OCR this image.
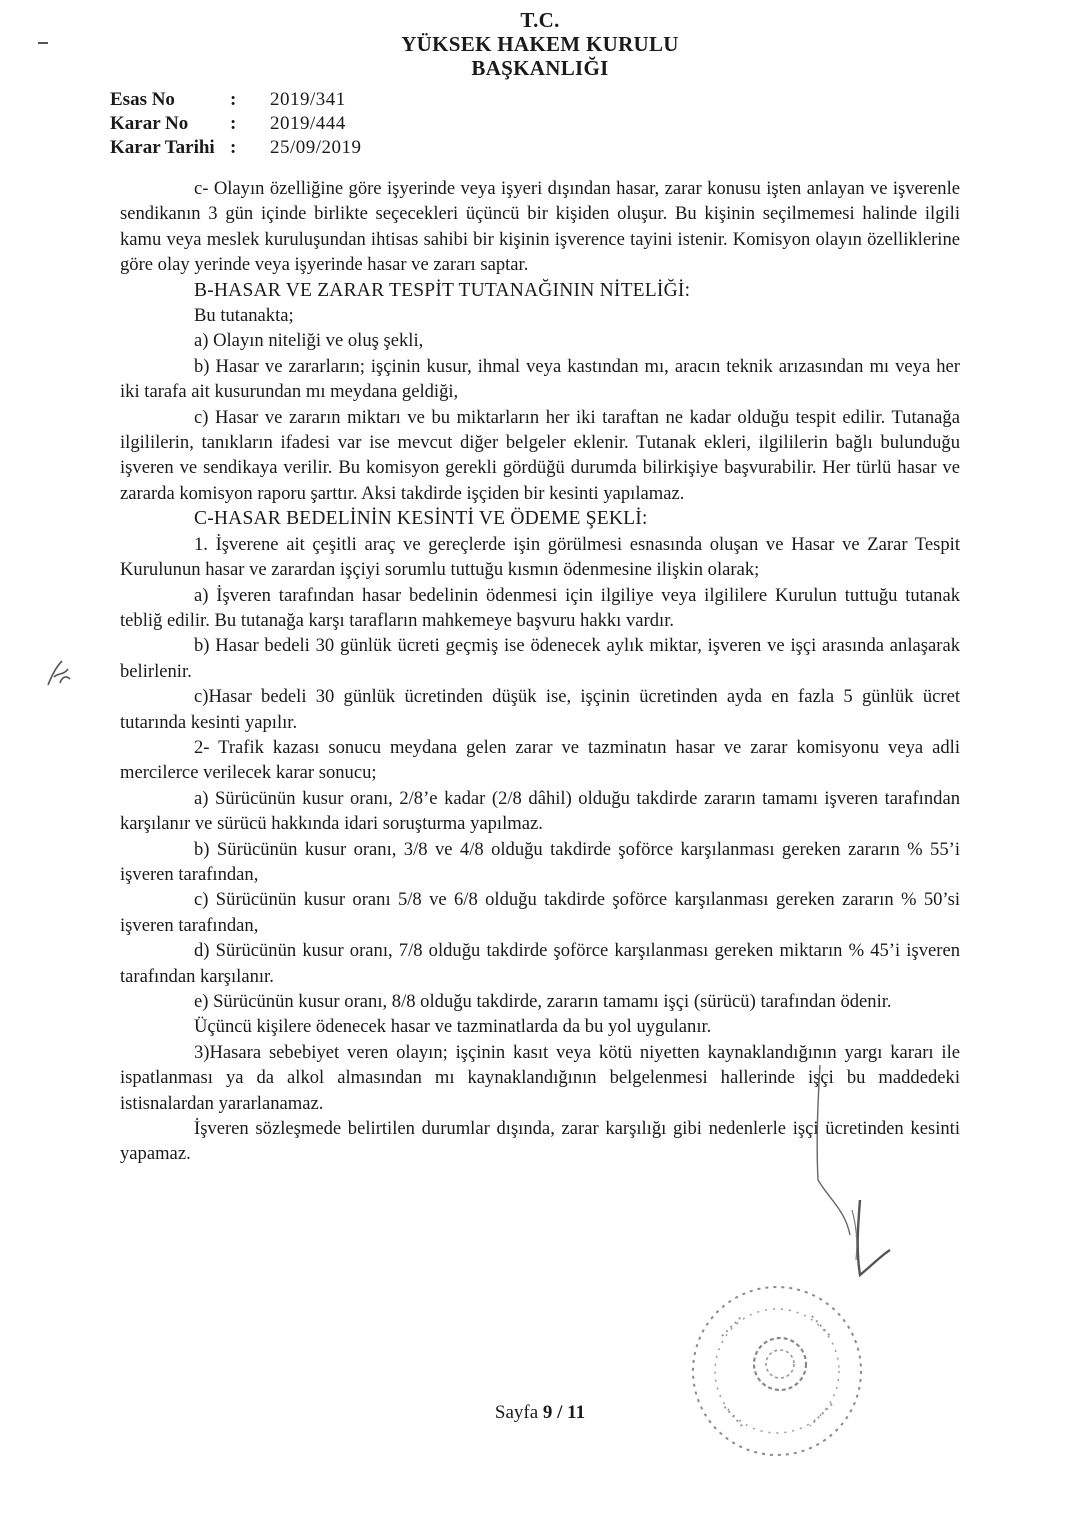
T.C.
YÜKSEK HAKEM KURULU
BAŞKANLIĞI
Esas No	:	2019/341
Karar No	:	2019/444
Karar Tarihi :	25/09/2019

c- Olayın özelliğine göre işyerinde veya işyeri dışından hasar, zarar konusu işten anlayan ve işverenle sendikanın 3 gün içinde birlikte seçecekleri üçüncü bir kişiden oluşur. Bu kişinin seçilmemesi halinde ilgili kamu veya meslek kuruluşundan ihtisas sahibi bir kişinin işverence tayini istenir. Komisyon olayın özelliklerine göre olay yerinde veya işyerinde hasar ve zararı saptar.

B-HASAR VE ZARAR TESPİT TUTANAĞININ NİTELİĞİ:

Bu tutanakta;

a) Olayın niteliği ve oluş şekli,

b) Hasar ve zararların; işçinin kusur, ihmal veya kastından mı, aracın teknik arızasından mı veya her iki tarafa ait kusurundan mı meydana geldiği,

c) Hasar ve zararın miktarı ve bu miktarların her iki taraftan ne kadar olduğu tespit edilir. Tutanağa ilgililerin, tanıkların ifadesi var ise mevcut diğer belgeler eklenir. Tutanak ekleri, ilgililerin bağlı bulunduğu işveren ve sendikaya verilir. Bu komisyon gerekli gördüğü durumda bilirkişiye başvurabilir. Her türlü hasar ve zararda komisyon raporu şarttır. Aksi takdirde işçiden bir kesinti yapılamaz.

C-HASAR BEDELİNİN KESİNTİ VE ÖDEME ŞEKLİ:

1. İşverene ait çeşitli araç ve gereçlerde işin görülmesi esnasında oluşan ve Hasar ve Zarar Tespit Kurulunun hasar ve zarardan işçiyi sorumlu tuttuğu kısmın ödenmesine ilişkin olarak;

a) İşveren tarafından hasar bedelinin ödenmesi için ilgiliye veya ilgililere Kurulun tuttuğu tutanak tebliğ edilir. Bu tutanağa karşı tarafların mahkemeye başvuru hakkı vardır.

b) Hasar bedeli 30 günlük ücreti geçmiş ise ödenecek aylık miktar, işveren ve işçi arasında anlaşarak belirlenir.

c)Hasar bedeli 30 günlük ücretinden düşük ise, işçinin ücretinden ayda en fazla 5 günlük ücret tutarında kesinti yapılır.

2- Trafik kazası sonucu meydana gelen zarar ve tazminatın hasar ve zarar komisyonu veya adli mercilerce verilecek karar sonucu;

a) Sürücünün kusur oranı, 2/8’e kadar (2/8 dâhil) olduğu takdirde zararın tamamı işveren tarafından karşılanır ve sürücü hakkında idari soruşturma yapılmaz.

b) Sürücünün kusur oranı, 3/8 ve 4/8 olduğu takdirde şoförce karşılanması gereken zararın % 55’i işveren tarafından,

c) Sürücünün kusur oranı 5/8 ve 6/8 olduğu takdirde şoförce karşılanması gereken zararın % 50’si işveren tarafından,

d) Sürücünün kusur oranı, 7/8 olduğu takdirde şoförce karşılanması gereken miktarın % 45’i işveren tarafından karşılanır.

e) Sürücünün kusur oranı, 8/8 olduğu takdirde, zararın tamamı işçi (sürücü) tarafından ödenir.

Üçüncü kişilere ödenecek hasar ve tazminatlarda da bu yol uygulanır.

3)Hasara sebebiyet veren olayın; işçinin kasıt veya kötü niyetten kaynaklandığının yargı kararı ile ispatlanması ya da alkol almasından mı kaynaklandığının belgelenmesi hallerinde işçi bu maddedeki istisnalardan yararlanamaz.

İşveren sözleşmede belirtilen durumlar dışında, zarar karşılığı gibi nedenlerle işçi ücretinden kesinti yapamaz.

Sayfa 9 / 11
